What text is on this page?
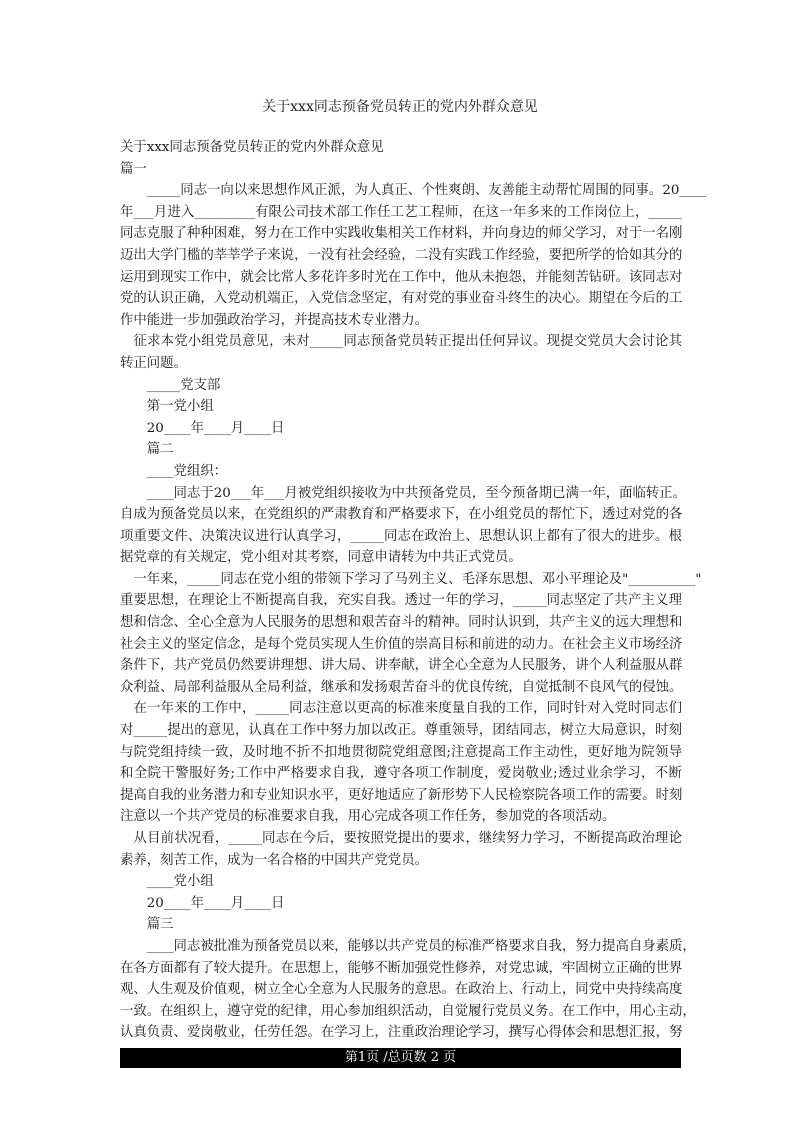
关于xxx同志预备党员转正的党内外群众意见
关于xxx同志预备党员转正的党内外群众意见
篇一
　　_____同志一向以来思想作风正派，为人真正、个性爽朗、友善能主动帮忙周围的同事。20____
年___月进入_________有限公司技术部工作任工艺工程师，在这一年多来的工作岗位上，_____
同志克服了种种困难，努力在工作中实践收集相关工作材料，并向身边的师父学习，对于一名刚
迈出大学门槛的莘莘学子来说，一没有社会经验，二没有实践工作经验，要把所学的恰如其分的
运用到现实工作中，就会比常人多花许多时光在工作中，他从未抱怨，并能刻苦钻研。该同志对
党的认识正确，入党动机端正，入党信念坚定，有对党的事业奋斗终生的决心。期望在今后的工
作中能进一步加强政治学习，并提高技术专业潜力。
　征求本党小组党员意见，未对_____同志预备党员转正提出任何异议。现提交党员大会讨论其
转正问题。
　　_____党支部
　　第一党小组
　　20____年____月____日
　　篇二
　　____党组织：
　　____同志于20___年___月被党组织接收为中共预备党员，至今预备期已满一年，面临转正。
自成为预备党员以来，在党组织的严肃教育和严格要求下，在小组党员的帮忙下，透过对党的各
项重要文件、决策决议进行认真学习，_____同志在政治上、思想认识上都有了很大的进步。根
据党章的有关规定，党小组对其考察，同意申请转为中共正式党员。
　一年来，_____同志在党小组的带领下学习了马列主义、毛泽东思想、邓小平理论及"__________"
重要思想，在理论上不断提高自我，充实自我。透过一年的学习，_____同志坚定了共产主义理
想和信念、全心全意为人民服务的思想和艰苦奋斗的精神。同时认识到，共产主义的远大理想和
社会主义的坚定信念，是每个党员实现人生价值的崇高目标和前进的动力。在社会主义市场经济
条件下，共产党员仍然要讲理想、讲大局、讲奉献，讲全心全意为人民服务，讲个人利益服从群
众利益、局部利益服从全局利益，继承和发扬艰苦奋斗的优良传统，自觉抵制不良风气的侵蚀。
　在一年来的工作中，_____同志注意以更高的标准来度量自我的工作，同时针对入党时同志们
对_____提出的意见，认真在工作中努力加以改正。尊重领导，团结同志，树立大局意识，时刻
与院党组持续一致，及时地不折不扣地贯彻院党组意图;注意提高工作主动性，更好地为院领导
和全院干警服好务;工作中严格要求自我，遵守各项工作制度，爱岗敬业;透过业余学习，不断
提高自我的业务潜力和专业知识水平，更好地适应了新形势下人民检察院各项工作的需要。时刻
注意以一个共产党员的标准要求自我，用心完成各项工作任务，参加党的各项活动。
　从目前状况看，_____同志在今后，要按照党提出的要求，继续努力学习，不断提高政治理论
素养，刻苦工作，成为一名合格的中国共产党党员。
　　____党小组
　　20____年____月____日
　　篇三
　　____同志被批准为预备党员以来，能够以共产党员的标准严格要求自我，努力提高自身素质，
在各方面都有了较大提升。在思想上，能够不断加强党性修养，对党忠诚，牢固树立正确的世界
观、人生观及价值观，树立全心全意为人民服务的意思。在政治上、行动上，同党中央持续高度
一致。在组织上，遵守党的纪律，用心参加组织活动，自觉履行党员义务。在工作中，用心主动，
认真负责、爱岗敬业，任劳任怨。在学习上，注重政治理论学习，撰写心得体会和思想汇报，努
第1页 /总页数 2 页
